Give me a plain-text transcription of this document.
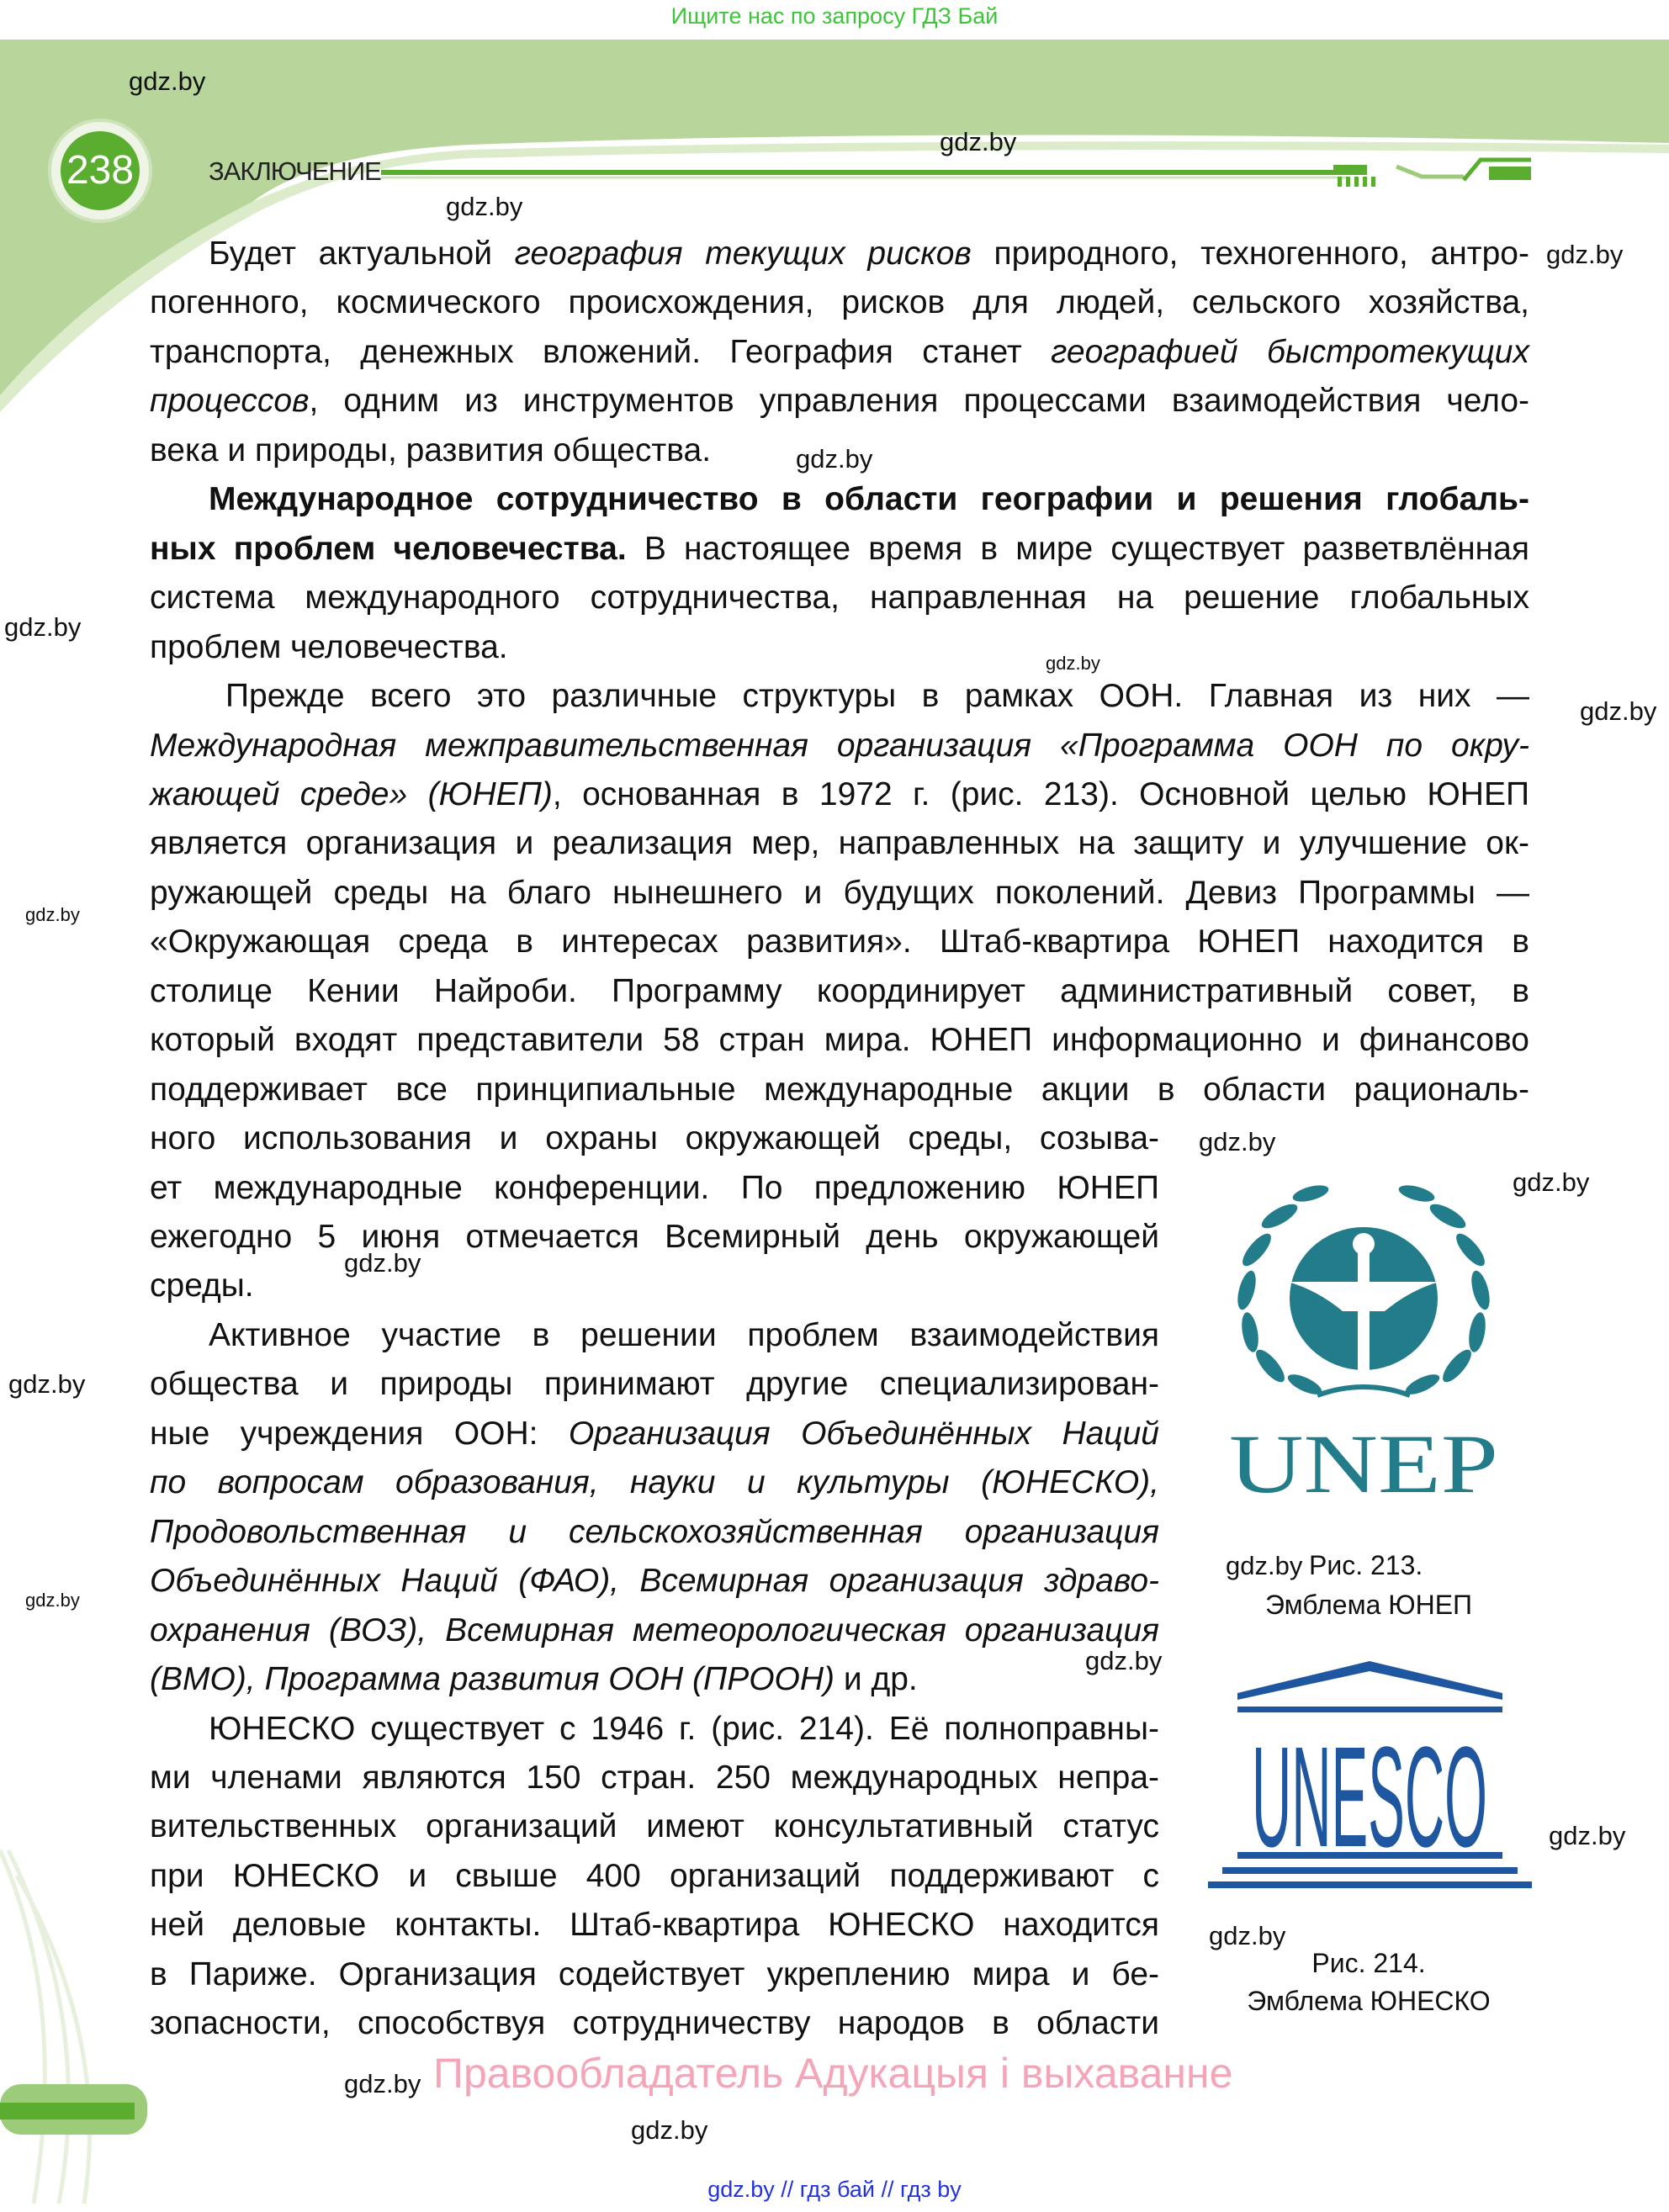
Ищите нас по запросу ГДЗ Бай
238	ЗАКЛЮЧЕНИЕ
Будет актуальной география текущих рисков природного, техногенного, антро-
погенного, космического происхождения, рисков для людей, сельского хозяйства,
транспорта, денежных вложений. География станет географией быстротекущих
процессов, одним из инструментов управления процессами взаимодействия чело-
века и природы, развития общества.
Международное сотрудничество в области географии и решения глобаль-
ных проблем человечества. В настоящее время в мире существует разветвлённая
система международного сотрудничества, направленная на решение глобальных
проблем человечества.
Прежде всего это различные структуры в рамках ООН. Главная из них —
Международная межправительственная организация «Программа ООН по окру-
жающей среде» (ЮНЕП), основанная в 1972 г. (рис. 213). Основной целью ЮНЕП
является организация и реализация мер, направленных на защиту и улучшение ок-
ружающей среды на благо нынешнего и будущих поколений. Девиз Программы —
«Окружающая среда в интересах развития». Штаб-квартира ЮНЕП находится в
столице Кении Найроби. Программу координирует административный совет, в
который входят представители 58 стран мира. ЮНЕП информационно и финансово
поддерживает все принципиальные международные акции в области рациональ-
ного использования и охраны окружающей среды, созыва-
ет международные конференции. По предложению ЮНЕП
ежегодно 5 июня отмечается Всемирный день окружающей
среды.
Активное участие в решении проблем взаимодействия
общества и природы принимают другие специализирован-
ные учреждения ООН: Организация Объединённых Наций
по вопросам образования, науки и культуры (ЮНЕСКО),
Продовольственная и сельскохозяйственная организация
Объединённых Наций (ФАО), Всемирная организация здраво-
охранения (ВОЗ), Всемирная метеорологическая организация
(ВМО), Программа развития ООН (ПРООН) и др.
ЮНЕСКО существует с 1946 г. (рис. 214). Её полноправны-
ми членами являются 150 стран. 250 международных непра-
вительственных организаций имеют консультативный статус
при ЮНЕСКО и свыше 400 организаций поддерживают с
ней деловые контакты. Штаб-квартира ЮНЕСКО находится
в Париже. Организация содействует укреплению мира и бе-
зопасности, способствуя сотрудничеству народов в области
UNEP
UNESCO
Рис. 213.
Эмблема ЮНЕП
Рис. 214.
Эмблема ЮНЕСКО
gdz.by
gdz.by
gdz.by
gdz.by
gdz.by
gdz.by
gdz.by
gdz.by
gdz.by
gdz.by
gdz.by
gdz.by
gdz.by
gdz.by
gdz.by
gdz.by
gdz.by
gdz.by
gdz.by
gdz.by
Правообладатель Адукацыя і выхаванне
gdz.by // гдз бай // гдз by
